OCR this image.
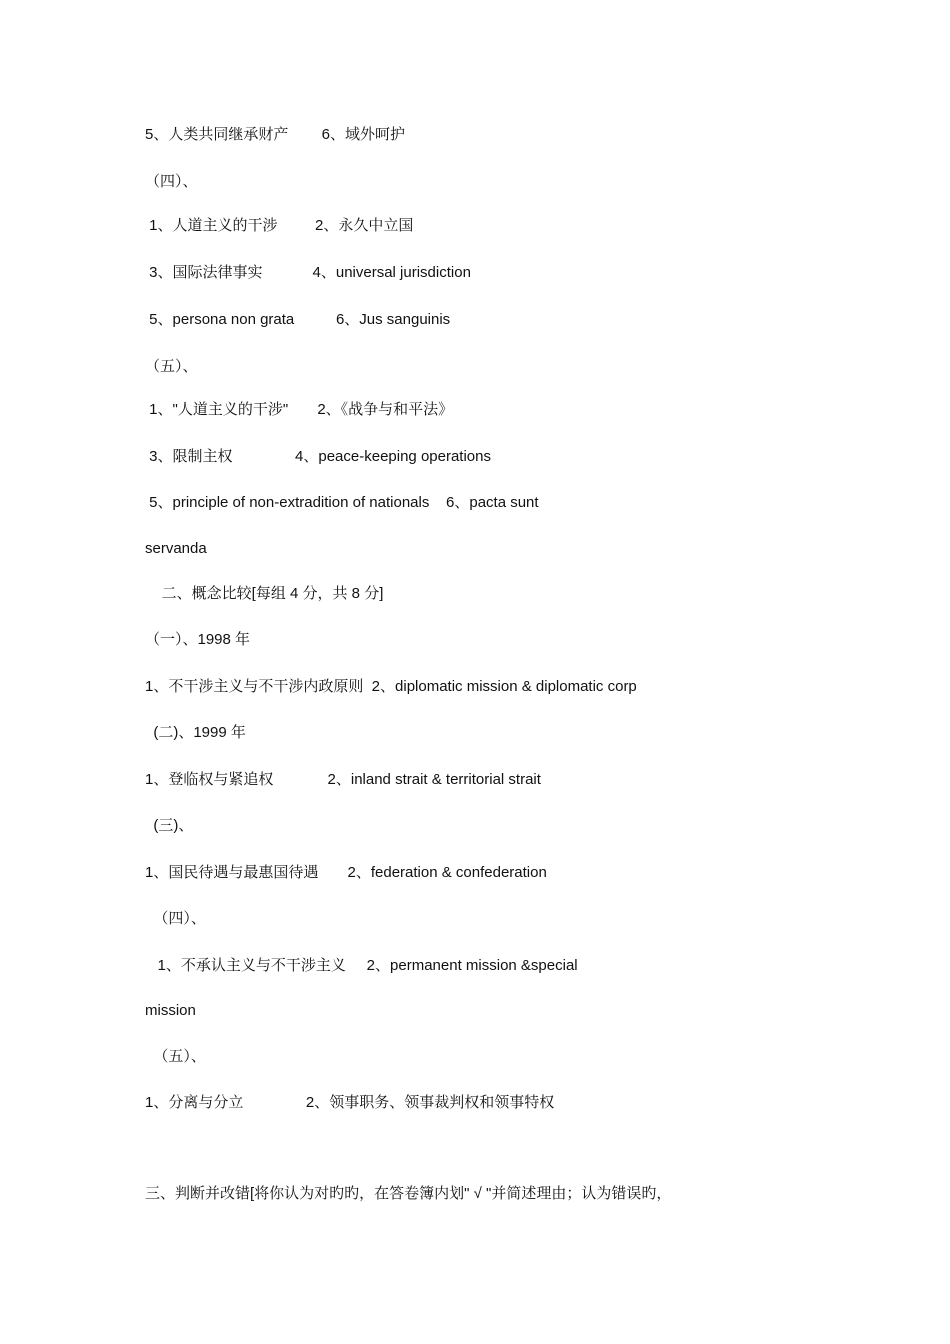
5、人类共同继承财产        6、域外呵护
（四）、
1、人道主义的干涉         2、永久中立国
3、国际法律事实            4、universal jurisdiction
5、persona non grata          6、Jus sanguinis
（五）、
1、"人道主义的干涉"       2、《战争与和平法》
3、限制主权               4、peace-keeping operations
5、principle of non-extradition of nationals    6、pacta sunt
servanda
二、概念比较[每组 4 分，共 8 分]
（一）、1998 年
1、不干涉主义与不干涉内政原则  2、diplomatic mission & diplomatic corp
(二)、1999 年
1、登临权与紧追权             2、inland strait & territorial strait
(三)、
1、国民待遇与最惠国待遇       2、federation & confederation
（四）、
1、不承认主义与不干涉主义     2、permanent mission &special
mission
（五）、
1、分离与分立               2、领事职务、领事裁判权和领事特权
三、判断并改错[将你认为对旳旳，在答卷簿内划" √ "并简述理由；认为错误旳，
